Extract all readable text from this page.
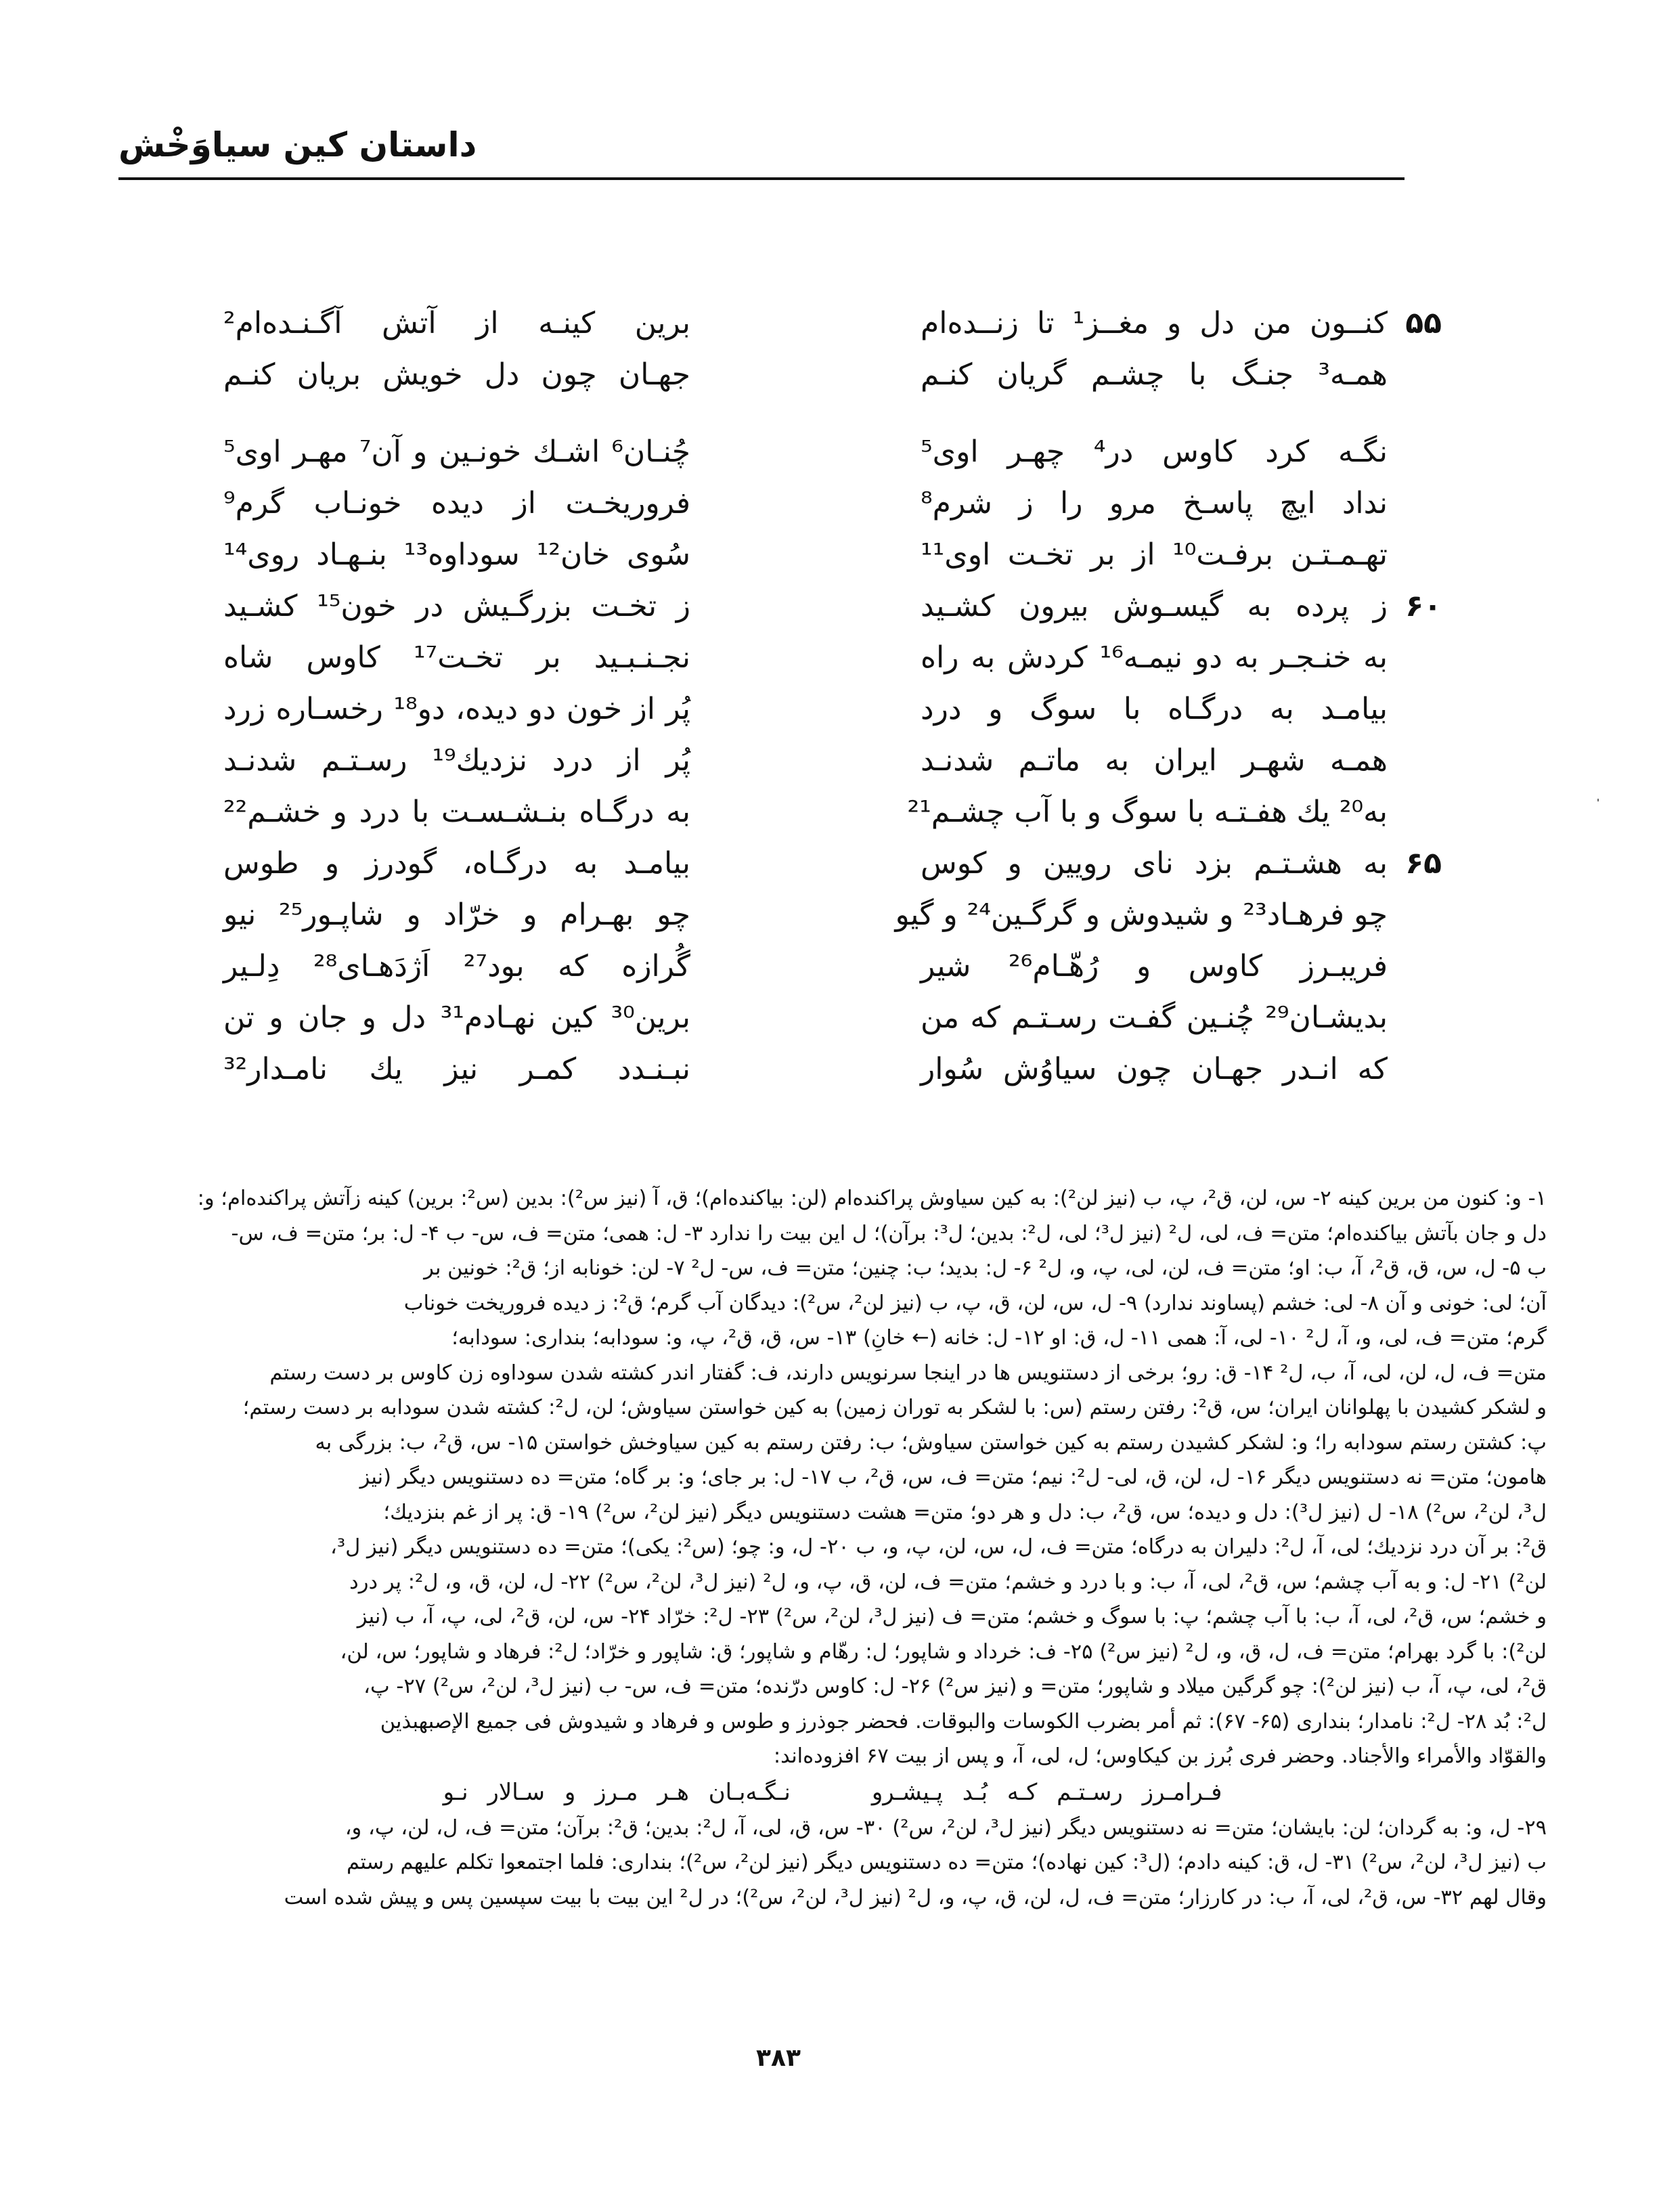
داستان کین سیاوَخْش
۵۵
کنــون من دل و مغــز¹ تا زنــده‌ام
برین کینـه از آتش آگـنـده‌ام²
همـه³ جنـگ با چشـم گریان کنـم
جهـان چون دل خویش بریان کنـم
نگـه کرد کاوس در⁴ چهـر اوی⁵
چُنـان⁶ اشـك خونـین و آن⁷ مهـر اوی⁵
نداد ایچ پاسـخ مرو را ز شرم⁸
فروریخـت از دیده خونـاب گرم⁹
تهـمـتـن برفـت¹⁰ از بر تخـت اوی¹¹
سُوی خان¹² سوداوه¹³ بنـهـاد روی¹⁴
۶۰
ز پرده به گیسـوش بیرون کشـید
ز تخـت بزرگـیش در خون¹⁵ کشـید
به خنـجـر به دو نیمـه¹⁶ کردش به راه
نجـنـبـید بر تخـت¹⁷ کاوس شاه
بیامـد به درگـاه با سوگ و درد
پُر از خون دو دیده، دو¹⁸ رخسـاره زرد
همـه شهـر ایران به ماتـم شدنـد
پُر از درد نزدیك¹⁹ رسـتـم شدنـد
به²⁰ یك هفـتـه با سوگ و با آب چشـم²¹
به درگـاه بنـشـسـت با درد و خشـم²²
۶۵
به هشـتـم بزد نای رویین و کوس
بیامـد به درگـاه، گودرز و طوس
چو فرهـاد²³ و شیدوش و گرگـین²⁴ و گیو
چو بهـرام و خرّاد و شاپـور²⁵ نیو
فریبـرز کاوس و رُهّـام²⁶ شیر
گُرازه که بود²⁷ اَژدَهـای²⁸ دِلـیر
بدیشـان²⁹ چُنـین گفـت رسـتـم که من
برین³⁰ کین نهـادم³¹ دل و جان و تن
که انـدر جهـان چون سیاوُش سُوار
نبـنـدد کمـر نیز یك نامـدار³²
۱- و: کنون من برین کینه ۲- س، لن، ق²، پ، ب (نیز لن²): به کین سیاوش پراکنده‌ام (لن: بیاکنده‌ام)؛ ق، آ (نیز س²): بدین (س²: برین) کینه زآتش پراکنده‌ام؛ و:
دل و جان بآتش بیاکنده‌ام؛ متن= ف، لی، ل² (نیز ل³؛ لی، ل²: بدین؛ ل³: برآن)؛ ل این بیت را ندارد ۳- ل: همی؛ متن= ف، س- ب ۴- ل: بر؛ متن= ف، س-
ب ۵- ل، س، ق، ق²، آ، ب: او؛ متن= ف، لن، لی، پ، و، ل² ۶- ل: بدید؛ ب: چنین؛ متن= ف، س- ل² ۷- لن: خونابه از؛ ق²: خونین بر
آن؛ لی: خونی و آن ۸- لی: خشم (پساوند ندارد) ۹- ل، س، لن، ق، پ، ب (نیز لن²، س²): دیدگان آب گرم؛ ق²: ز دیده فروریخت خوناب
گرم؛ متن= ف، لی، و، آ، ل² ۱۰- لی، آ: همی ۱۱- ل، ق: او ۱۲- ل: خانه (← خانِ) ۱۳- س، ق، ق²، پ، و: سودابه؛ بنداری: سودابه؛
متن= ف، ل، لن، لی، آ، ب، ل² ۱۴- ق: رو؛ برخی از دستنویس ها در اینجا سرنویس دارند، ف: گفتار اندر کشته شدن سوداوه زن کاوس بر دست رستم
و لشکر کشیدن با پهلوانان ایران؛ س، ق²: رفتن رستم (س: با لشکر به توران زمین) به کین خواستن سیاوش؛ لن، ل²: کشته شدن سودابه بر دست رستم؛
پ: کشتن رستم سودابه را؛ و: لشکر کشیدن رستم به کین خواستن سیاوش؛ ب: رفتن رستم به کین سیاوخش خواستن ۱۵- س، ق²، ب: بزرگی به
هامون؛ متن= نه دستنویس دیگر ۱۶- ل، لن، ق، لی- ل²: نیم؛ متن= ف، س، ق²، ب ۱۷- ل: بر جای؛ و: بر گاه؛ متن= ده دستنویس دیگر (نیز
ل³، لن²، س²) ۱۸- ل (نیز ل³): دل و دیده؛ س، ق²، ب: دل و هر دو؛ متن= هشت دستنویس دیگر (نیز لن²، س²) ۱۹- ق: پر از غم بنزدیك؛
ق²: بر آن درد نزدیك؛ لی، آ، ل²: دلیران به درگاه؛ متن= ف، ل، س، لن، پ، و، ب ۲۰- ل، و: چو؛ (س²: یکی)؛ متن= ده دستنویس دیگر (نیز ل³،
لن²) ۲۱- ل: و به آب چشم؛ س، ق²، لی، آ، ب: و با درد و خشم؛ متن= ف، لن، ق، پ، و، ل² (نیز ل³، لن²، س²) ۲۲- ل، لن، ق، و، ل²: پر درد
و خشم؛ س، ق²، لی، آ، ب: با آب چشم؛ پ: با سوگ و خشم؛ متن= ف (نیز ل³، لن²، س²) ۲۳- ل²: خرّاد ۲۴- س، لن، ق²، لی، پ، آ، ب (نیز
لن²): با گرد بهرام؛ متن= ف، ل، ق، و، ل² (نیز س²) ۲۵- ف: خرداد و شاپور؛ ل: رهّام و شاپور؛ ق: شاپور و خرّاد؛ ل²: فرهاد و شاپور؛ س، لن،
ق²، لی، پ، آ، ب (نیز لن²): چو گرگین میلاد و شاپور؛ متن= و (نیز س²) ۲۶- ل: کاوس درّنده؛ متن= ف، س- ب (نیز ل³، لن²، س²) ۲۷- پ،
ل²: بُد ۲۸- ل²: نامدار؛ بنداری (۶۵- ۶۷): ثم أمر بضرب الکوسات والبوقات. فحضر جوذرز و طوس و فرهاد و شیدوش فی جمیع الإصبهبذین
والقوّاد والأمراء والأجناد. وحضر فری بُرز بن کیکاوس؛ ل، لی، آ، و پس از بیت ۶۷ افزوده‌اند:
فـرامـرز رسـتـم کـه بُـد پـیشـرونـگـه‌بـان هـر مـرز و سـالار نـو
۲۹- ل، و: به گردان؛ لن: بایشان؛ متن= نه دستنویس دیگر (نیز ل³، لن²، س²) ۳۰- س، ق، لی، آ، ل²: بدین؛ ق²: برآن؛ متن= ف، ل، لن، پ، و،
ب (نیز ل³، لن²، س²) ۳۱- ل، ق: کینه دادم؛ (ل³: کین نهاده)؛ متن= ده دستنویس دیگر (نیز لن²، س²)؛ بنداری: فلما اجتمعوا تکلم علیهم رستم
وقال لهم ۳۲- س، ق²، لی، آ، ب: در کارزار؛ متن= ف، ل، لن، ق، پ، و، ل² (نیز ل³، لن²، س²)؛ در ل² این بیت با بیت سپسین پس و پیش شده است
۳۸۳
